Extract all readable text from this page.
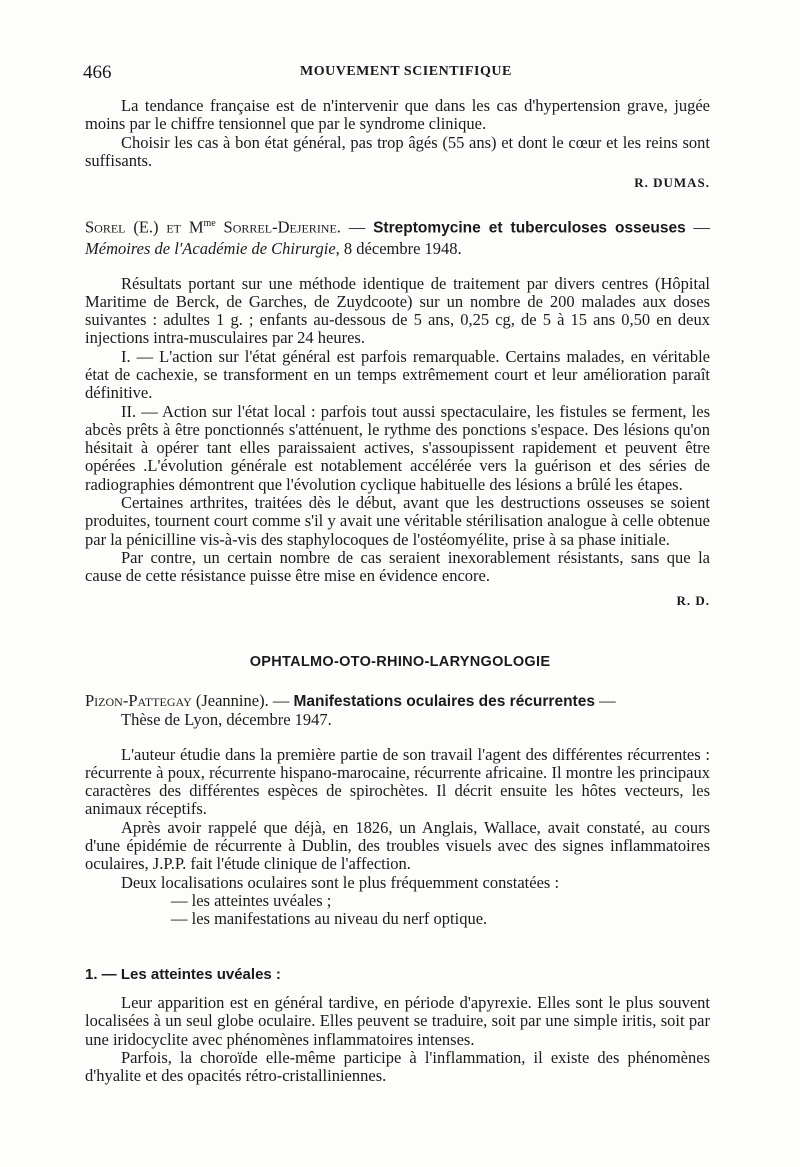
466	MOUVEMENT SCIENTIFIQUE

La tendance française est de n'intervenir que dans les cas d'hypertension grave, jugée moins par le chiffre tensionnel que par le syndrome clinique.

Choisir les cas à bon état général, pas trop âgés (55 ans) et dont le cœur et les reins sont suffisants.

R. DUMAS.

Sorel (E.) et $M^{me}$ Sorrel-Dejerine. — Streptomycine et tuberculoses osseuses — Mémoires de l'Académie de Chirurgie, 8 décembre 1948.

Résultats portant sur une méthode identique de traitement par divers centres (Hôpital Maritime de Berck, de Garches, de Zuydcoote) sur un nombre de 200 malades aux doses suivantes : adultes 1 g. ; enfants au-dessous de 5 ans, 0,25 cg, de 5 à 15 ans 0,50 en deux injections intra-musculaires par 24 heures.

I. — L'action sur l'état général est parfois remarquable. Certains malades, en véritable état de cachexie, se transforment en un temps extrêmement court et leur amélioration paraît définitive.

II. — Action sur l'état local : parfois tout aussi spectaculaire, les fistules se ferment, les abcès prêts à être ponctionnés s'atténuent, le rythme des ponctions s'espace. Des lésions qu'on hésitait à opérer tant elles paraissaient actives, s'assoupissent rapidement et peuvent être opérées .L'évolution générale est notablement accélérée vers la guérison et des séries de radiographies démontrent que l'évolution cyclique habituelle des lésions a brûlé les étapes.

Certaines arthrites, traitées dès le début, avant que les destructions osseuses se soient produites, tournent court comme s'il y avait une véritable stérilisation analogue à celle obtenue par la pénicilline vis-à-vis des staphylocoques de l'ostéomyélite, prise à sa phase initiale.

Par contre, un certain nombre de cas seraient inexorablement résistants, sans que la cause de cette résistance puisse être mise en évidence encore.

R. D.

OPHTALMO-OTO-RHINO-LARYNGOLOGIE

Pizon-Pattegay (Jeannine). — Manifestations oculaires des récurrentes —

Thèse de Lyon, décembre 1947.

L'auteur étudie dans la première partie de son travail l'agent des différentes récurrentes : récurrente à poux, récurrente hispano-marocaine, récurrente africaine. Il montre les principaux caractères des différentes espèces de spirochètes. Il décrit ensuite les hôtes vecteurs, les animaux réceptifs.

Après avoir rappelé que déjà, en 1826, un Anglais, Wallace, avait constaté, au cours d'une épidémie de récurrente à Dublin, des troubles visuels avec des signes inflammatoires oculaires, J.P.P. fait l'étude clinique de l'affection.

Deux localisations oculaires sont le plus fréquemment constatées :

— les atteintes uvéales ;

— les manifestations au niveau du nerf optique.

1. — Les atteintes uvéales :

Leur apparition est en général tardive, en période d'apyrexie. Elles sont le plus souvent localisées à un seul globe oculaire. Elles peuvent se traduire, soit par une simple iritis, soit par une iridocyclite avec phénomènes inflammatoires intenses.

Parfois, la choroïde elle-même participe à l'inflammation, il existe des phénomènes d'hyalite et des opacités rétro-cristalliniennes.
